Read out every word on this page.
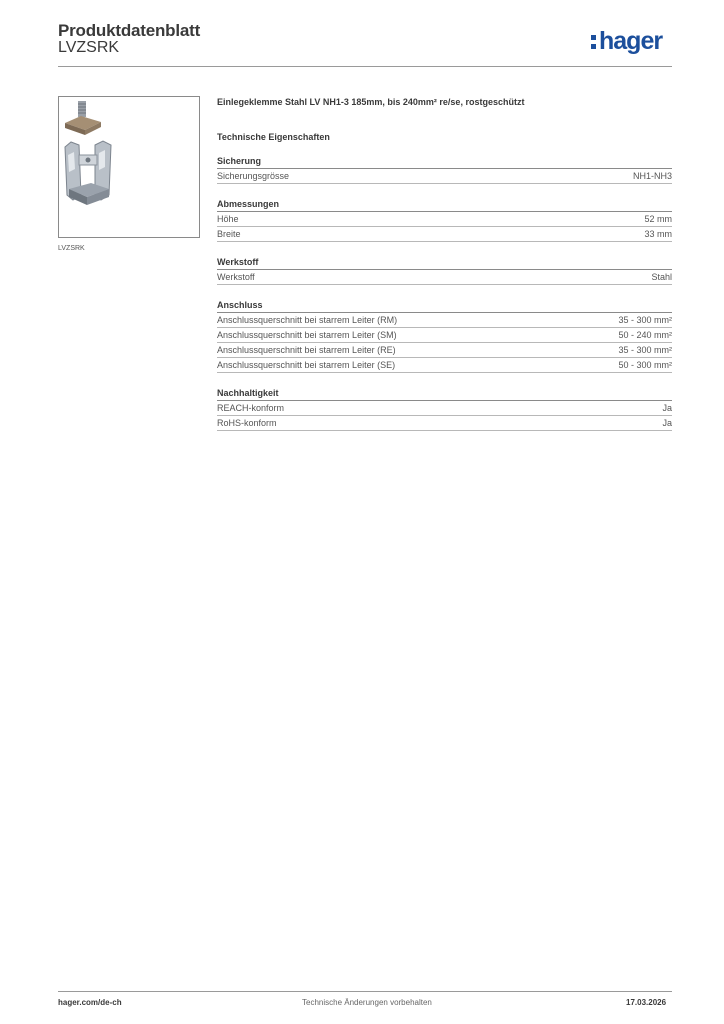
Produktdatenblatt
LVZSRK	hager
LVZSRK
Einlegeklemme Stahl LV NH1-3 185mm, bis 240mm² re/se, rostgeschützt
Technische Eigenschaften
Sicherung
Sicherungsgrösse	NH1-NH3
Abmessungen
Höhe	52 mm
Breite	33 mm
Werkstoff
Werkstoff	Stahl
Anschluss
Anschlussquerschnitt bei starrem Leiter (RM)	35 - 300 mm²
Anschlussquerschnitt bei starrem Leiter (SM)	50 - 240 mm²
Anschlussquerschnitt bei starrem Leiter (RE)	35 - 300 mm²
Anschlussquerschnitt bei starrem Leiter (SE)	50 - 300 mm²
Nachhaltigkeit
REACH-konform	Ja
RoHS-konform	Ja
hager.com/de-ch	Technische Änderungen vorbehalten	17.03.2026
